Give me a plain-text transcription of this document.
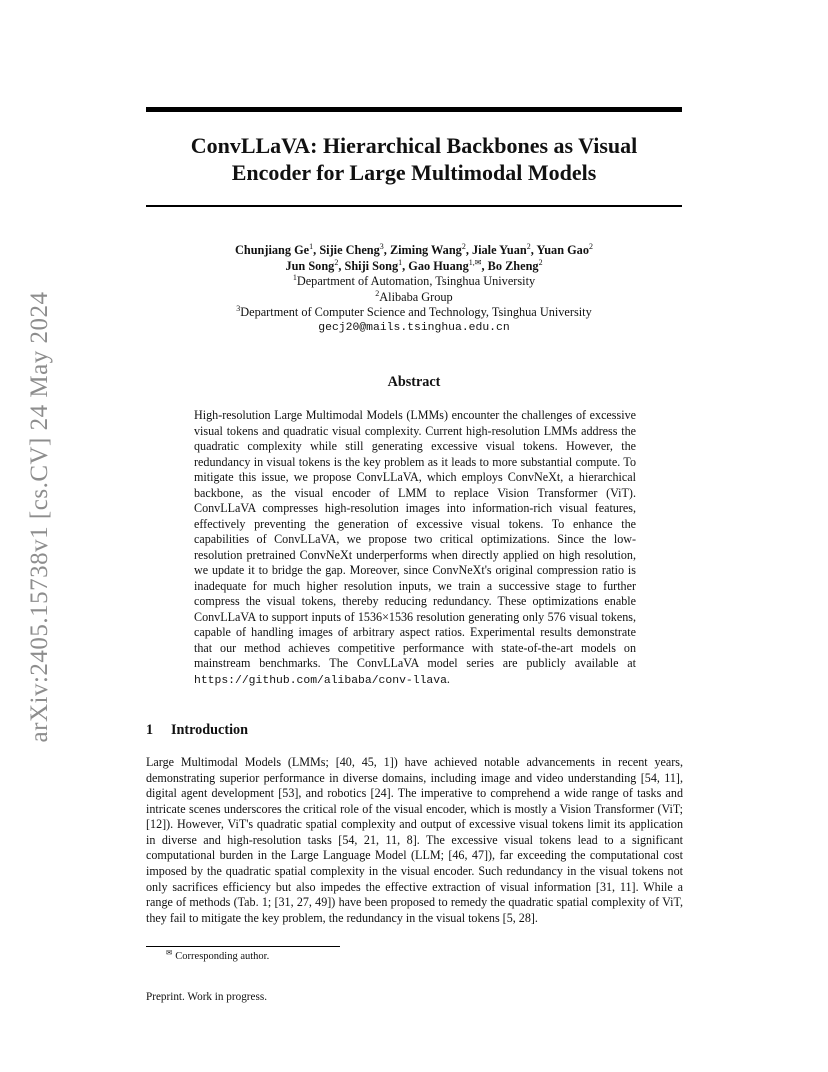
arXiv:2405.15738v1 [cs.CV] 24 May 2024
ConvLLaVA: Hierarchical Backbones as Visual
Encoder for Large Multimodal Models
Chunjiang Ge$^1$, Sijie Cheng$^3$, Ziming Wang$^2$, Jiale Yuan$^2$, Yuan Gao$^2$
Jun Song$^2$, Shiji Song$^1$, Gao Huang$^{1,✉}$, Bo Zheng$^2$
$^1$Department of Automation, Tsinghua University
$^2$Alibaba Group
$^3$Department of Computer Science and Technology, Tsinghua University
gecj20@mails.tsinghua.edu.cn
Abstract
High-resolution Large Multimodal Models (LMMs) encounter the challenges of excessive visual tokens and quadratic visual complexity. Current high-resolution LMMs address the quadratic complexity while still generating excessive visual tokens. However, the redundancy in visual tokens is the key problem as it leads to more substantial compute. To mitigate this issue, we propose ConvLLaVA, which employs ConvNeXt, a hierarchical backbone, as the visual encoder of LMM to replace Vision Transformer (ViT). ConvLLaVA compresses high-resolution images into information-rich visual features, effectively preventing the generation of excessive visual tokens. To enhance the capabilities of ConvLLaVA, we propose two critical optimizations. Since the low-resolution pretrained ConvNeXt underperforms when directly applied on high resolution, we update it to bridge the gap. Moreover, since ConvNeXt's original compression ratio is inadequate for much higher resolution inputs, we train a successive stage to further compress the visual tokens, thereby reducing redundancy. These optimizations enable ConvLLaVA to support inputs of 1536×1536 resolution generating only 576 visual tokens, capable of handling images of arbitrary aspect ratios. Experimental results demonstrate that our method achieves competitive performance with state-of-the-art models on mainstream benchmarks. The ConvLLaVA model series are publicly available at https://github.com/alibaba/conv-llava.
1 Introduction
Large Multimodal Models (LMMs; [40, 45, 1]) have achieved notable advancements in recent years, demonstrating superior performance in diverse domains, including image and video understanding [54, 11], digital agent development [53], and robotics [24]. The imperative to comprehend a wide range of tasks and intricate scenes underscores the critical role of the visual encoder, which is mostly a Vision Transformer (ViT; [12]). However, ViT's quadratic spatial complexity and output of excessive visual tokens limit its application in diverse and high-resolution tasks [54, 21, 11, 8]. The excessive visual tokens lead to a significant computational burden in the Large Language Model (LLM; [46, 47]), far exceeding the computational cost imposed by the quadratic spatial complexity in the visual encoder. Such redundancy in the visual tokens not only sacrifices efficiency but also impedes the effective extraction of visual information [31, 11]. While a range of methods (Tab. 1; [31, 27, 49]) have been proposed to remedy the quadratic spatial complexity of ViT, they fail to mitigate the key problem, the redundancy in the visual tokens [5, 28].
✉ Corresponding author.
Preprint. Work in progress.
